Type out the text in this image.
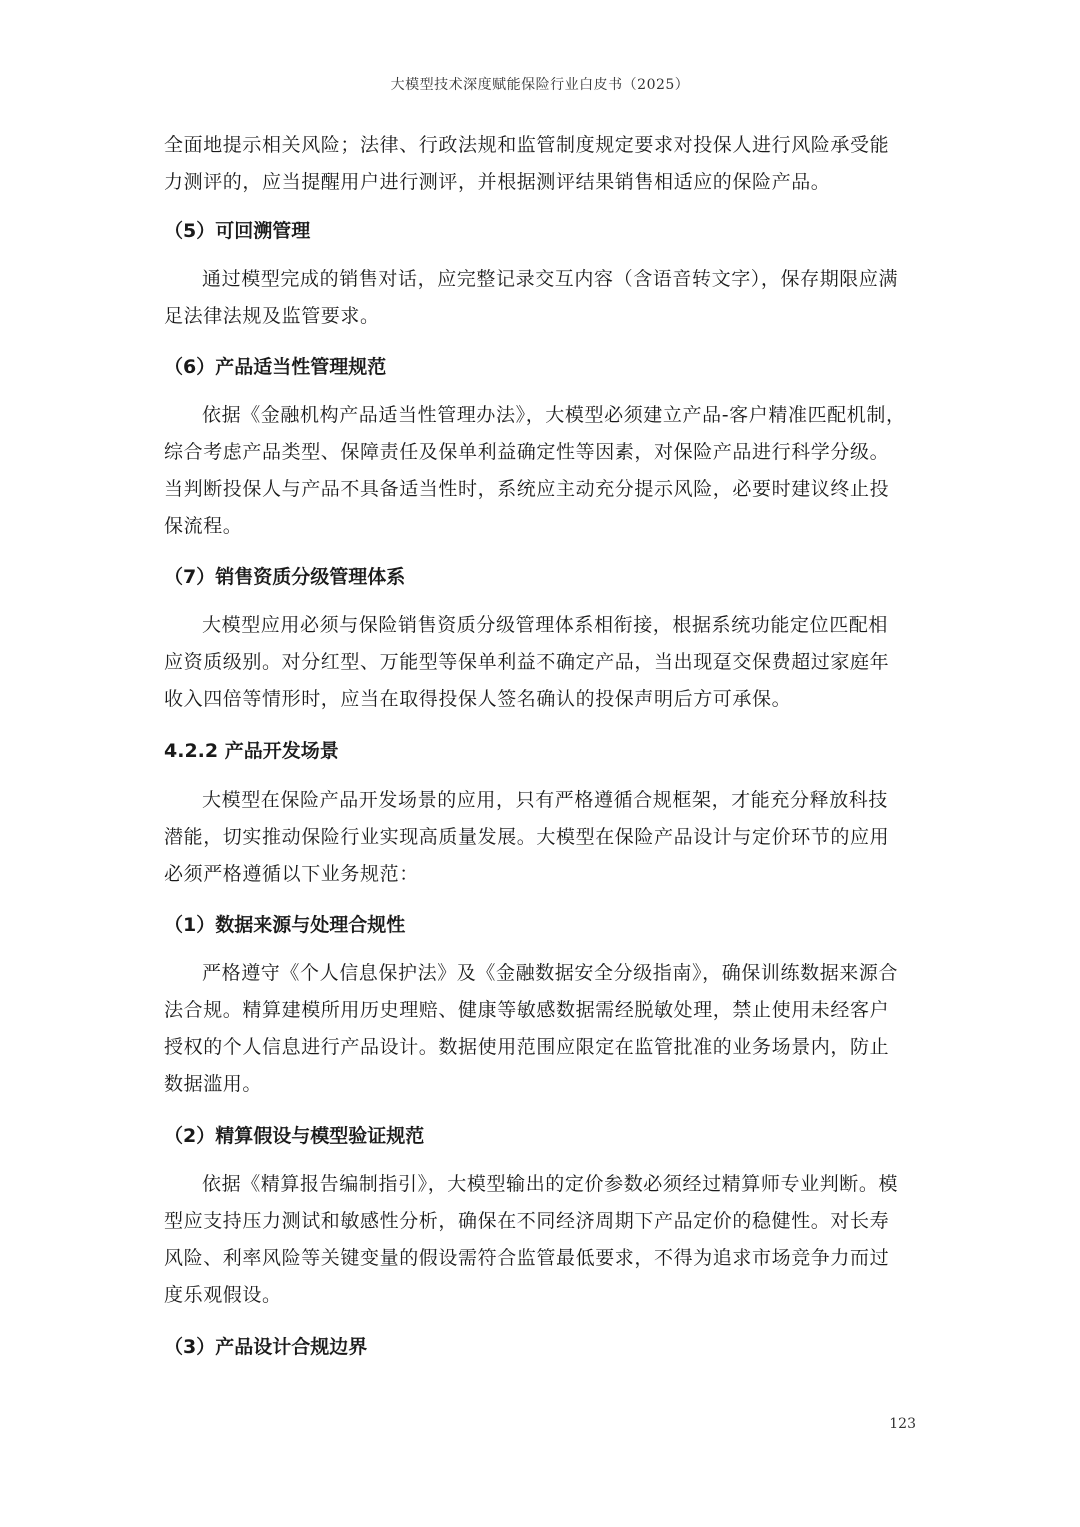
大模型技术深度赋能保险行业白皮书（2025）
全面地提示相关风险；法律、行政法规和监管制度规定要求对投保人进行风险承受能
力测评的，应当提醒用户进行测评，并根据测评结果销售相适应的保险产品。
（5）可回溯管理
通过模型完成的销售对话，应完整记录交互内容（含语音转文字），保存期限应满
足法律法规及监管要求。
（6）产品适当性管理规范
依据《金融机构产品适当性管理办法》，大模型必须建立产品-客户精准匹配机制，
综合考虑产品类型、保障责任及保单利益确定性等因素，对保险产品进行科学分级。
当判断投保人与产品不具备适当性时，系统应主动充分提示风险，必要时建议终止投
保流程。
（7）销售资质分级管理体系
大模型应用必须与保险销售资质分级管理体系相衔接，根据系统功能定位匹配相
应资质级别。对分红型、万能型等保单利益不确定产品，当出现趸交保费超过家庭年
收入四倍等情形时，应当在取得投保人签名确认的投保声明后方可承保。
4.2.2 产品开发场景
大模型在保险产品开发场景的应用，只有严格遵循合规框架，才能充分释放科技
潜能，切实推动保险行业实现高质量发展。大模型在保险产品设计与定价环节的应用
必须严格遵循以下业务规范：
（1）数据来源与处理合规性
严格遵守《个人信息保护法》及《金融数据安全分级指南》，确保训练数据来源合
法合规。精算建模所用历史理赔、健康等敏感数据需经脱敏处理，禁止使用未经客户
授权的个人信息进行产品设计。数据使用范围应限定在监管批准的业务场景内，防止
数据滥用。
（2）精算假设与模型验证规范
依据《精算报告编制指引》，大模型输出的定价参数必须经过精算师专业判断。模
型应支持压力测试和敏感性分析，确保在不同经济周期下产品定价的稳健性。对长寿
风险、利率风险等关键变量的假设需符合监管最低要求，不得为追求市场竞争力而过
度乐观假设。
（3）产品设计合规边界
123
